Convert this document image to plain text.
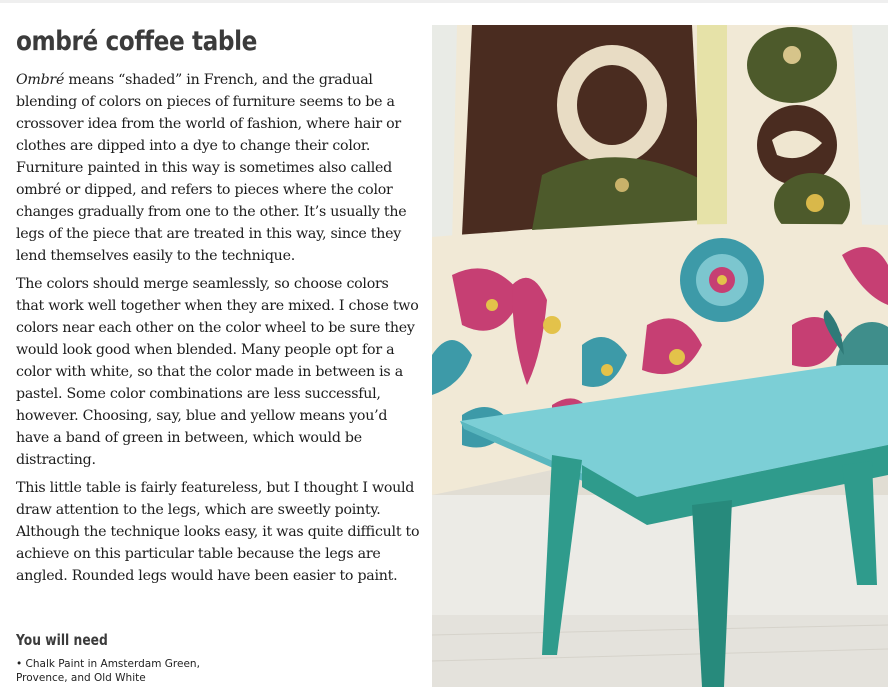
ombré coffee table

Ombré means “shaded” in French, and the gradual blending of colors on pieces of furniture seems to be a crossover idea from the world of fashion, where hair or clothes are dipped into a dye to change their color. Furniture painted in this way is sometimes also called ombré or dipped, and refers to pieces where the color changes gradually from one to the other. It’s usually the legs of the piece that are treated in this way, since they lend themselves easily to the technique.

The colors should merge seamlessly, so choose colors that work well together when they are mixed. I chose two colors near each other on the color wheel to be sure they would look good when blended. Many people opt for a color with white, so that the color made in between is a pastel. Some color combinations are less successful, however. Choosing, say, blue and yellow means you’d have a band of green in between, which would be distracting.

This little table is fairly featureless, but I thought I would draw attention to the legs, which are sweetly pointy. Although the technique looks easy, it was quite difficult to achieve on this particular table because the legs are angled. Rounded legs would have been easier to paint.

You will need
• Chalk Paint in Amsterdam Green, Provence, and Old White
